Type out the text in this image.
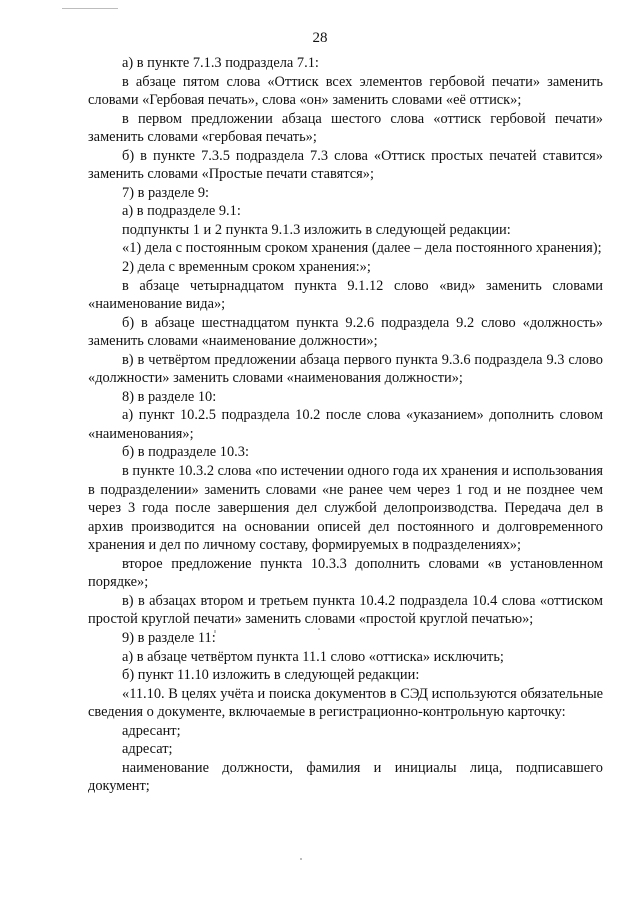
28

а) в пункте 7.1.3 подраздела 7.1:

в абзаце пятом слова «Оттиск всех элементов гербовой печати» заменить словами «Гербовая печать», слова «он» заменить словами «её оттиск»;

в первом предложении абзаца шестого слова «оттиск гербовой печати» заменить словами «гербовая печать»;

б) в пункте 7.3.5 подраздела 7.3 слова «Оттиск простых печатей ставится» заменить словами «Простые печати ставятся»;

7) в разделе 9:

а) в подразделе 9.1:

подпункты 1 и 2 пункта 9.1.3 изложить в следующей редакции:

«1) дела с постоянным сроком хранения (далее – дела постоянного хранения);

2) дела с временным сроком хранения:»;

в абзаце четырнадцатом пункта 9.1.12 слово «вид» заменить словами «наименование вида»;

б) в абзаце шестнадцатом пункта 9.2.6 подраздела 9.2 слово «должность» заменить словами «наименование должности»;

в) в четвёртом предложении абзаца первого пункта 9.3.6 подраздела 9.3 слово «должности» заменить словами «наименования должности»;

8) в разделе 10:

а) пункт 10.2.5 подраздела 10.2 после слова «указанием» дополнить словом «наименования»;

б) в подразделе 10.3:

в пункте 10.3.2 слова «по истечении одного года их хранения и использования в подразделении» заменить словами «не ранее чем через 1 год и не позднее чем через 3 года после завершения дел службой делопроизводства. Передача дел в архив производится на основании описей дел постоянного и долговременного хранения и дел по личному составу, формируемых в подразделениях»;

второе предложение пункта 10.3.3 дополнить словами «в установленном порядке»;

в) в абзацах втором и третьем пункта 10.4.2 подраздела 10.4 слова «оттиском простой круглой печати» заменить словами «простой круглой печатью»;

9) в разделе 11:

а) в абзаце четвёртом пункта 11.1 слово «оттиска» исключить;

б) пункт 11.10 изложить в следующей редакции:

«11.10. В целях учёта и поиска документов в СЭД используются обязательные сведения о документе, включаемые в регистрационно-контрольную карточку:

адресант;

адресат;

наименование должности, фамилия и инициалы лица, подписавшего документ;
